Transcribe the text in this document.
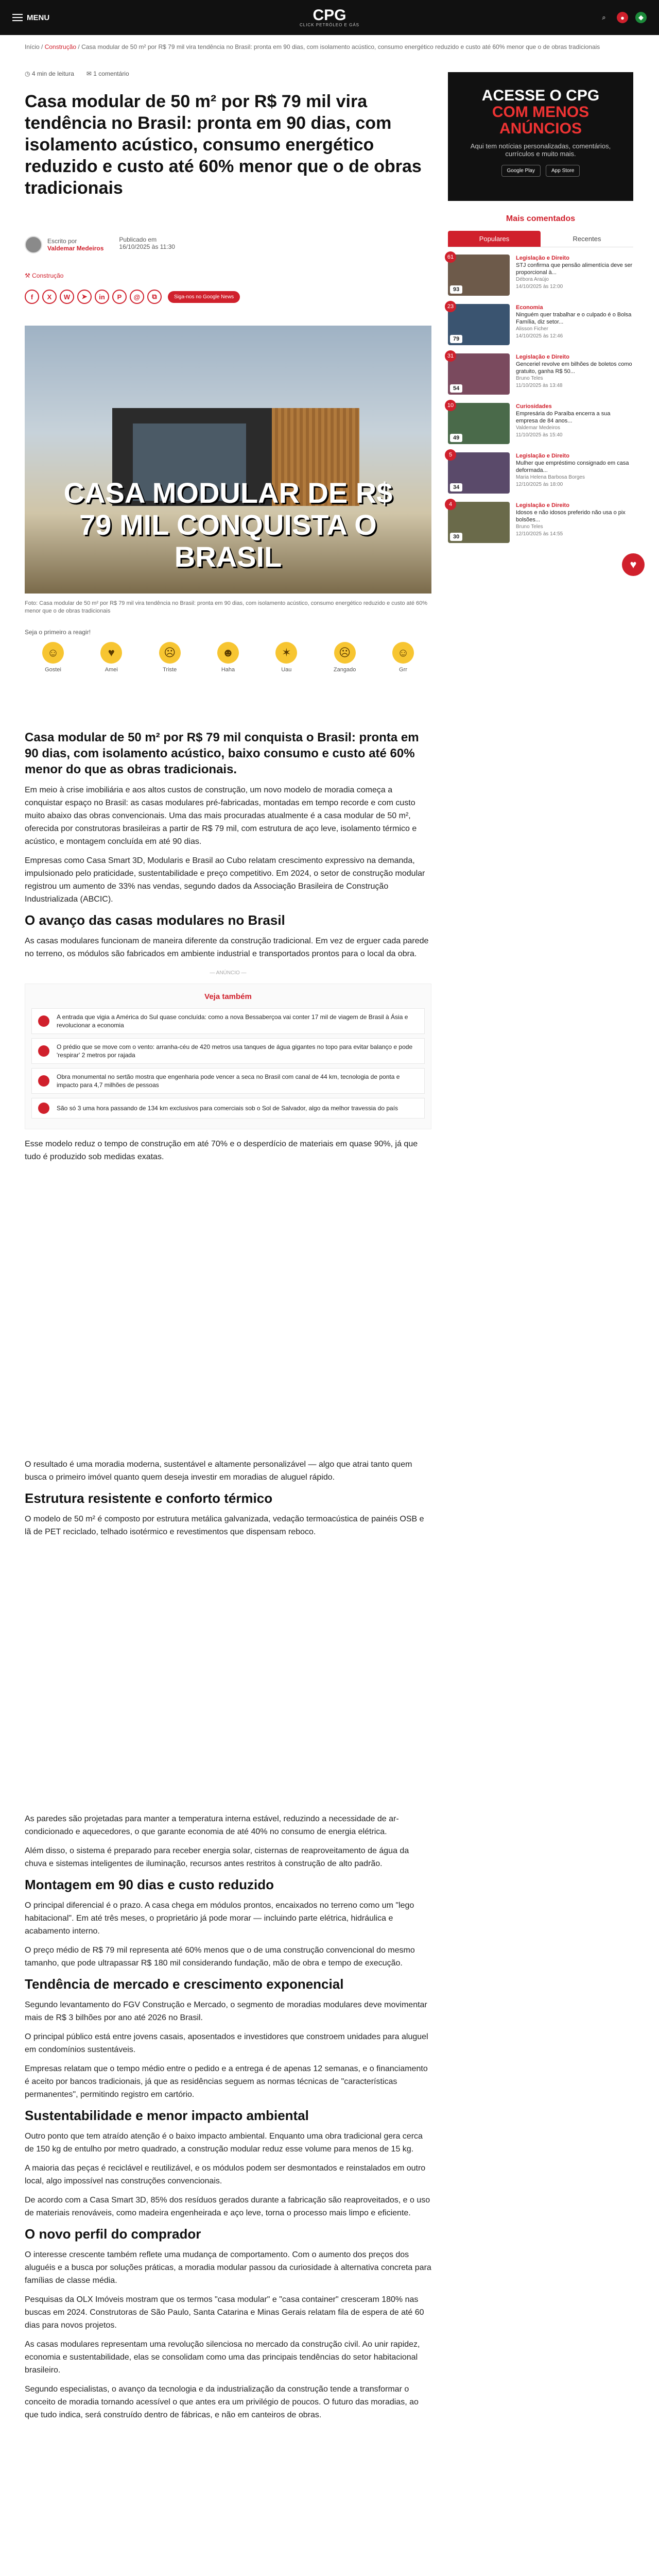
MENU	CPG
CLICK PETRÓLEO E GÁS
⌕	●	◆
Início / Construção / Casa modular de 50 m² por R$ 79 mil vira tendência no Brasil: pronta em 90 dias, com isolamento acústico, consumo energético reduzido e custo até 60% menor que o de obras tradicionais
◷ 4 min de leitura ✉ 1 comentário
Casa modular de 50 m² por R$ 79 mil vira tendência no Brasil: pronta em 90 dias, com isolamento acústico, consumo energético reduzido e custo até 60% menor que o de obras tradicionais
Escrito por
Valdemar Medeiros
Publicado em
16/10/2025 às 11:30
⚒ Construção
f	X	W	➤	in	P	@	⧉	Siga-nos no Google News
CASA MODULAR DE R$ 79 MIL CONQUISTA O BRASIL
Foto: Casa modular de 50 m² por R$ 79 mil vira tendência no Brasil: pronta em 90 dias, com isolamento acústico, consumo energético reduzido e custo até 60% menor que o de obras tradicionais
Seja o primeiro a reagir!
☺
Gostei
♥
Amei
☹
Triste
☻
Haha
✶
Uau
☹
Zangado
☺
Grr
Casa modular de 50 m² por R$ 79 mil conquista o Brasil: pronta em 90 dias, com isolamento acústico, baixo consumo e custo até 60% menor do que as obras tradicionais.

Em meio à crise imobiliária e aos altos custos de construção, um novo modelo de moradia começa a conquistar espaço no Brasil: as casas modulares pré-fabricadas, montadas em tempo recorde e com custo muito abaixo das obras convencionais. Uma das mais procuradas atualmente é a casa modular de 50 m², oferecida por construtoras brasileiras a partir de R$ 79 mil, com estrutura de aço leve, isolamento térmico e acústico, e montagem concluída em até 90 dias.

Empresas como Casa Smart 3D, Modularis e Brasil ao Cubo relatam crescimento expressivo na demanda, impulsionado pelo praticidade, sustentabilidade e preço competitivo. Em 2024, o setor de construção modular registrou um aumento de 33% nas vendas, segundo dados da Associação Brasileira de Construção Industrializada (ABCIC).

O avanço das casas modulares no Brasil

As casas modulares funcionam de maneira diferente da construção tradicional. Em vez de erguer cada parede no terreno, os módulos são fabricados em ambiente industrial e transportados prontos para o local da obra.

— ANÚNCIO —
Veja também
A entrada que vigia a América do Sul quase concluída: como a nova Bessaberçoa vai conter 17 mil de viagem de Brasil à Ásia e revolucionar a economia
O prédio que se move com o vento: arranha-céu de 420 metros usa tanques de água gigantes no topo para evitar balanço e pode 'respirar' 2 metros por rajada
Obra monumental no sertão mostra que engenharia pode vencer a seca no Brasil com canal de 44 km, tecnologia de ponta e impacto para 4,7 milhões de pessoas
São só 3 uma hora passando de 134 km exclusivos para comerciais sob o Sol de Salvador, algo da melhor travessia do país

Esse modelo reduz o tempo de construção em até 70% e o desperdício de materiais em quase 90%, já que tudo é produzido sob medidas exatas.

O resultado é uma moradia moderna, sustentável e altamente personalizável — algo que atrai tanto quem busca o primeiro imóvel quanto quem deseja investir em moradias de aluguel rápido.

Estrutura resistente e conforto térmico

O modelo de 50 m² é composto por estrutura metálica galvanizada, vedação termoacústica de painéis OSB e lã de PET reciclado, telhado isotérmico e revestimentos que dispensam reboco.

As paredes são projetadas para manter a temperatura interna estável, reduzindo a necessidade de ar-condicionado e aquecedores, o que garante economia de até 40% no consumo de energia elétrica.

Além disso, o sistema é preparado para receber energia solar, cisternas de reaproveitamento de água da chuva e sistemas inteligentes de iluminação, recursos antes restritos à construção de alto padrão.

Montagem em 90 dias e custo reduzido

O principal diferencial é o prazo. A casa chega em módulos prontos, encaixados no terreno como um "lego habitacional". Em até três meses, o proprietário já pode morar — incluindo parte elétrica, hidráulica e acabamento interno.

O preço médio de R$ 79 mil representa até 60% menos que o de uma construção convencional do mesmo tamanho, que pode ultrapassar R$ 180 mil considerando fundação, mão de obra e tempo de execução.

Tendência de mercado e crescimento exponencial

Segundo levantamento do FGV Construção e Mercado, o segmento de moradias modulares deve movimentar mais de R$ 3 bilhões por ano até 2026 no Brasil.

O principal público está entre jovens casais, aposentados e investidores que constroem unidades para aluguel em condomínios sustentáveis.

Empresas relatam que o tempo médio entre o pedido e a entrega é de apenas 12 semanas, e o financiamento é aceito por bancos tradicionais, já que as residências seguem as normas técnicas de "características permanentes", permitindo registro em cartório.

Sustentabilidade e menor impacto ambiental

Outro ponto que tem atraído atenção é o baixo impacto ambiental. Enquanto uma obra tradicional gera cerca de 150 kg de entulho por metro quadrado, a construção modular reduz esse volume para menos de 15 kg.

A maioria das peças é reciclável e reutilizável, e os módulos podem ser desmontados e reinstalados em outro local, algo impossível nas construções convencionais.

De acordo com a Casa Smart 3D, 85% dos resíduos gerados durante a fabricação são reaproveitados, e o uso de materiais renováveis, como madeira engenheirada e aço leve, torna o processo mais limpo e eficiente.

O novo perfil do comprador

O interesse crescente também reflete uma mudança de comportamento. Com o aumento dos preços dos aluguéis e a busca por soluções práticas, a moradia modular passou da curiosidade à alternativa concreta para famílias de classe média.

Pesquisas da OLX Imóveis mostram que os termos "casa modular" e "casa container" cresceram 180% nas buscas em 2024. Construtoras de São Paulo, Santa Catarina e Minas Gerais relatam fila de espera de até 60 dias para novos projetos.

As casas modulares representam uma revolução silenciosa no mercado da construção civil. Ao unir rapidez, economia e sustentabilidade, elas se consolidam como uma das principais tendências do setor habitacional brasileiro.

Segundo especialistas, o avanço da tecnologia e da industrialização da construção tende a transformar o conceito de moradia tornando acessível o que antes era um privilégio de poucos. O futuro das moradias, ao que tudo indica, será construído dentro de fábricas, e não em canteiros de obras.

ACESSE O CPG
COM MENOS ANÚNCIOS
Aqui tem notícias personalizadas, comentários, currículos e muito mais.
Google Play	App Store
Mais comentados
Populares	Recentes
61
93
Legislação e Direito
STJ confirma que pensão alimentícia deve ser proporcional à...
Débora Araújo
14/10/2025 às 12:00
23
79
Economia
Ninguém quer trabalhar e o culpado é o Bolsa Família, diz setor...
Alisson Ficher
14/10/2025 às 12:46
31
54
Legislação e Direito
Genceriel revolve em bilhões de boletos como gratuito, ganha R$ 50...
Bruno Teles
11/10/2025 às 13:48
10
49
Curiosidades
Empresária do Paraíba encerra a sua empresa de 84 anos...
Valdemar Medeiros
11/10/2025 às 15:40
5
34
Legislação e Direito
Mulher que empréstimo consignado em casa deformada...
Maria Helena Barbosa Borges
12/10/2025 às 18:00
4
30
Legislação e Direito
Idosos e não idosos preferido não usa o pix bolsões...
Bruno Teles
12/10/2025 às 14:55
♥
